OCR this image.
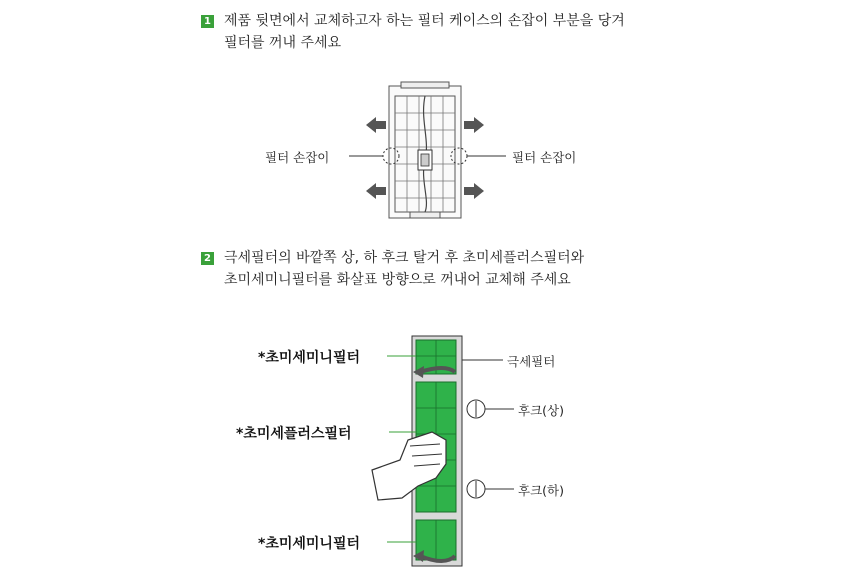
1 제품 뒷면에서 교체하고자 하는 필터 케이스의 손잡이 부분을 당겨
필터를 꺼내 주세요
필터 손잡이	필터 손잡이
2 극세필터의 바깥쪽 상, 하 후크 탈거 후 초미세플러스필터와
초미세미니필터를 화살표 방향으로 꺼내어 교체해 주세요
극세필터
후크(상)
후크(하)
*초미세미니필터
*초미세플러스필터
*초미세미니필터
